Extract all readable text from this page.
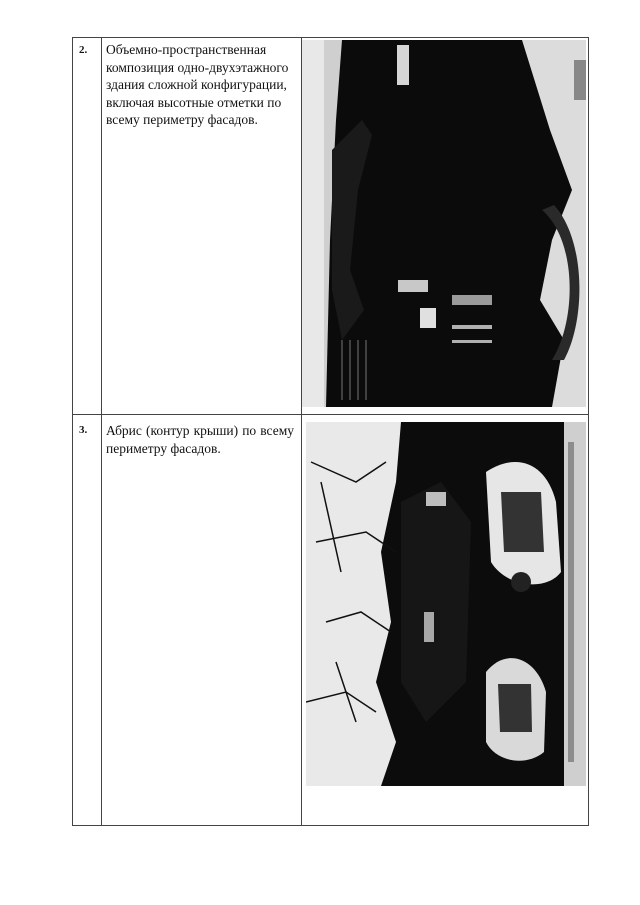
2. Объемно-пространственная композиция одно-двухэтажного здания сложной конфигурации, включая высотные отметки по всему периметру фасадов.
3. Абрис (контур крыши) по всему периметру фасадов.
